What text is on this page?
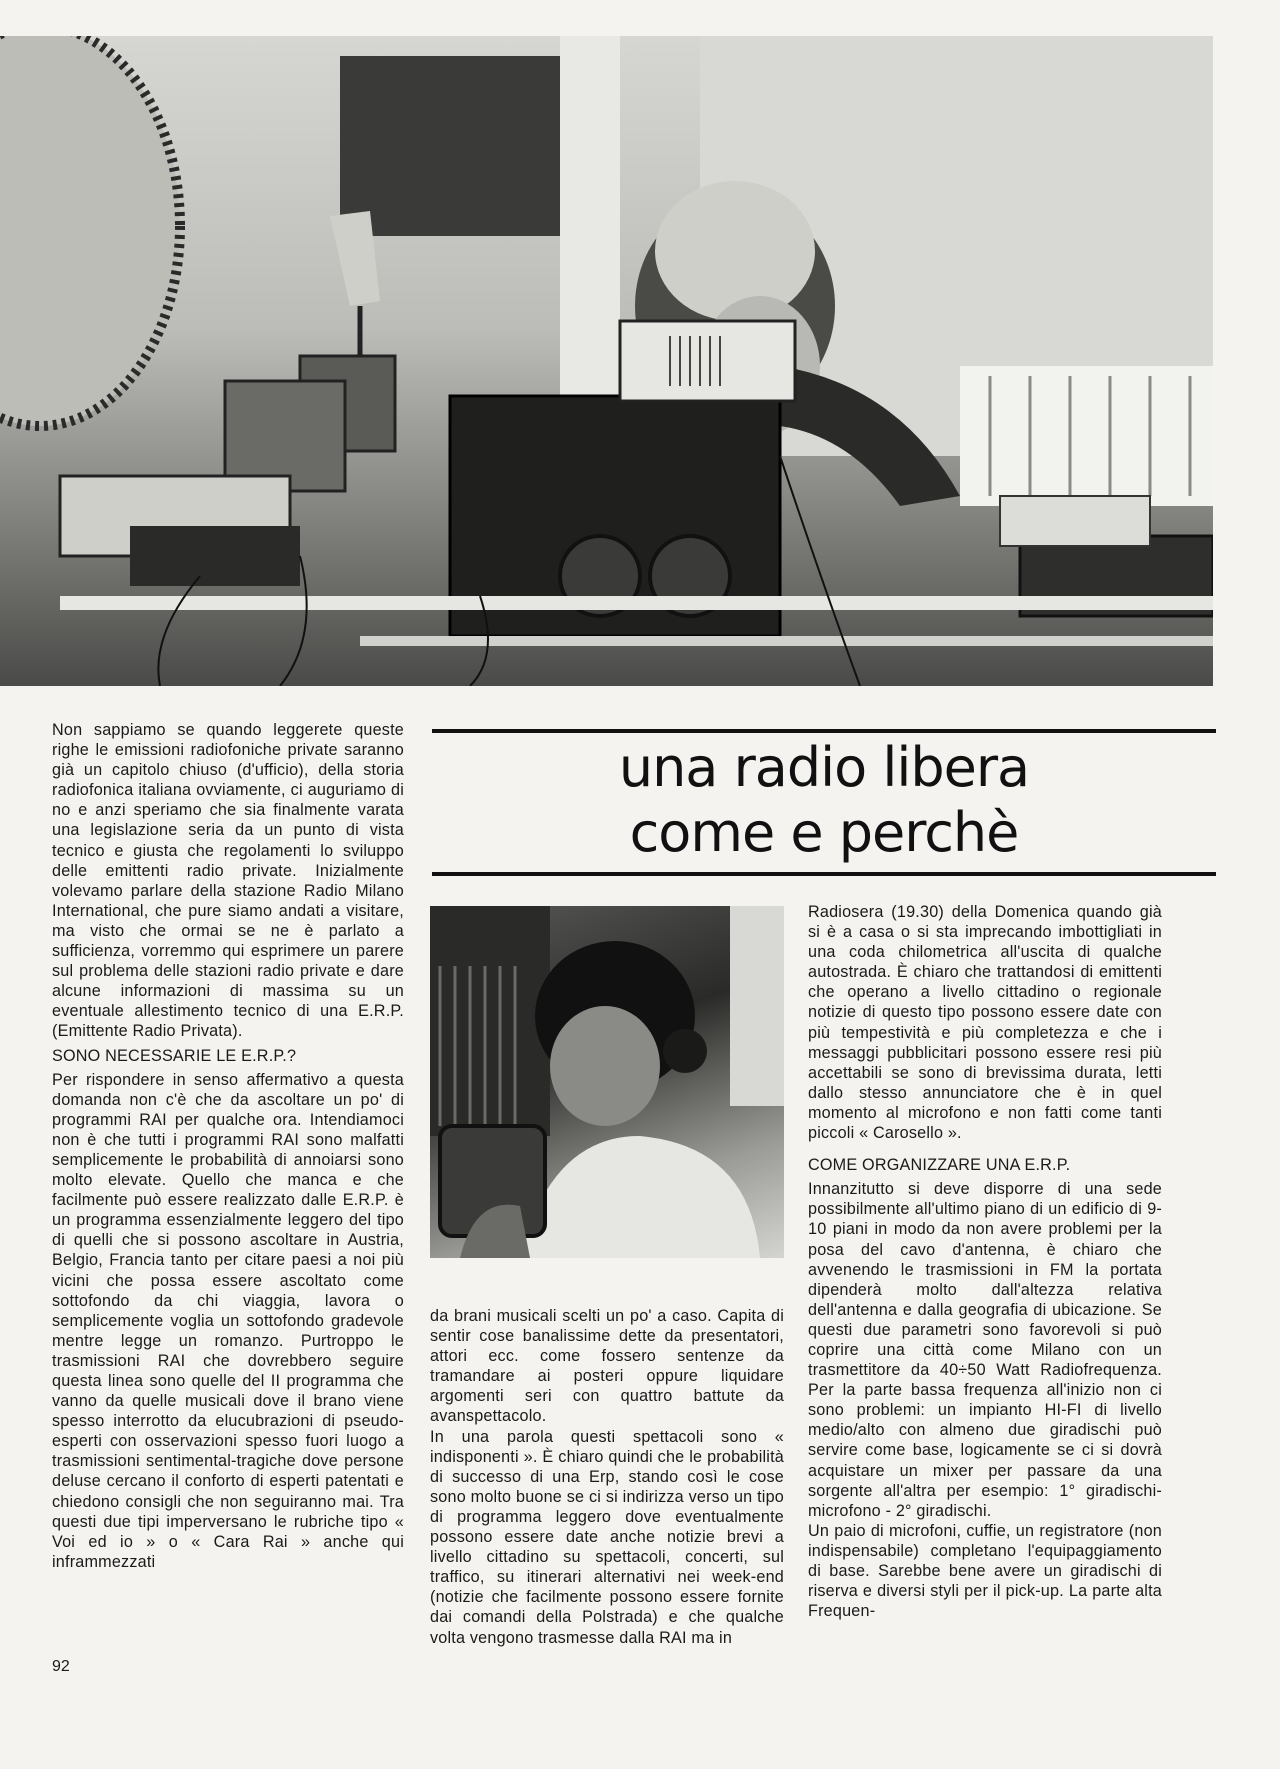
Non sappiamo se quando leggerete queste righe le emissioni radiofoniche private saranno già un capitolo chiuso (d'ufficio), della storia radiofonica italiana ovviamente, ci auguriamo di no e anzi speriamo che sia finalmente varata una legislazione seria da un punto di vista tecnico e giusta che regolamenti lo sviluppo delle emittenti radio private. Inizialmente volevamo parlare della stazione Radio Milano International, che pure siamo andati a visitare, ma visto che ormai se ne è parlato a sufficienza, vorremmo qui esprimere un parere sul problema delle stazioni radio private e dare alcune informazioni di massima su un eventuale allestimento tecnico di una E.R.P. (Emittente Radio Privata).

SONO NECESSARIE LE E.R.P.?

Per rispondere in senso affermativo a questa domanda non c'è che da ascoltare un po' di programmi RAI per qualche ora. Intendiamoci non è che tutti i programmi RAI sono malfatti semplicemente le probabilità di annoiarsi sono molto elevate. Quello che manca e che facilmente può essere realizzato dalle E.R.P. è un programma essenzialmente leggero del tipo di quelli che si possono ascoltare in Austria, Belgio, Francia tanto per citare paesi a noi più vicini che possa essere ascoltato come sottofondo da chi viaggia, lavora o semplicemente voglia un sottofondo gradevole mentre legge un romanzo. Purtroppo le trasmissioni RAI che dovrebbero seguire questa linea sono quelle del II programma che vanno da quelle musicali dove il brano viene spesso interrotto da elucubrazioni di pseudo-esperti con osservazioni spesso fuori luogo a trasmissioni sentimental-tragiche dove persone deluse cercano il conforto di esperti patentati e chiedono consigli che non seguiranno mai. Tra questi due tipi imperversano le rubriche tipo « Voi ed io » o « Cara Rai » anche qui inframmezzati

una radio libera
come e perchè

da brani musicali scelti un po' a caso. Capita di sentir cose banalissime dette da presentatori, attori ecc. come fossero sentenze da tramandare ai posteri oppure liquidare argomenti seri con quattro battute da avanspettacolo.

In una parola questi spettacoli sono « indisponenti ». È chiaro quindi che le probabilità di successo di una Erp, stando così le cose sono molto buone se ci si indirizza verso un tipo di programma leggero dove eventualmente possono essere date anche notizie brevi a livello cittadino su spettacoli, concerti, sul traffico, su itinerari alternativi nei week-end (notizie che facilmente possono essere fornite dai comandi della Polstrada) e che qualche volta vengono trasmesse dalla RAI ma in

Radiosera (19.30) della Domenica quando già si è a casa o si sta imprecando imbottigliati in una coda chilometrica all'uscita di qualche autostrada. È chiaro che trattandosi di emittenti che operano a livello cittadino o regionale notizie di questo tipo possono essere date con più tempestività e più completezza e che i messaggi pubblicitari possono essere resi più accettabili se sono di brevissima durata, letti dallo stesso annunciatore che è in quel momento al microfono e non fatti come tanti piccoli « Carosello ».

COME ORGANIZZARE UNA E.R.P.

Innanzitutto si deve disporre di una sede possibilmente all'ultimo piano di un edificio di 9-10 piani in modo da non avere problemi per la posa del cavo d'antenna, è chiaro che avvenendo le trasmissioni in FM la portata dipenderà molto dall'altezza relativa dell'antenna e dalla geografia di ubicazione. Se questi due parametri sono favorevoli si può coprire una città come Milano con un trasmettitore da 40÷50 Watt Radiofrequenza. Per la parte bassa frequenza all'inizio non ci sono problemi: un impianto HI-FI di livello medio/alto con almeno due giradischi può servire come base, logicamente se ci si dovrà acquistare un mixer per passare da una sorgente all'altra per esempio: 1° giradischi-microfono - 2° giradischi.

Un paio di microfoni, cuffie, un registratore (non indispensabile) completano l'equipaggiamento di base. Sarebbe bene avere un giradischi di riserva e diversi styli per il pick-up. La parte alta Frequen-

92
